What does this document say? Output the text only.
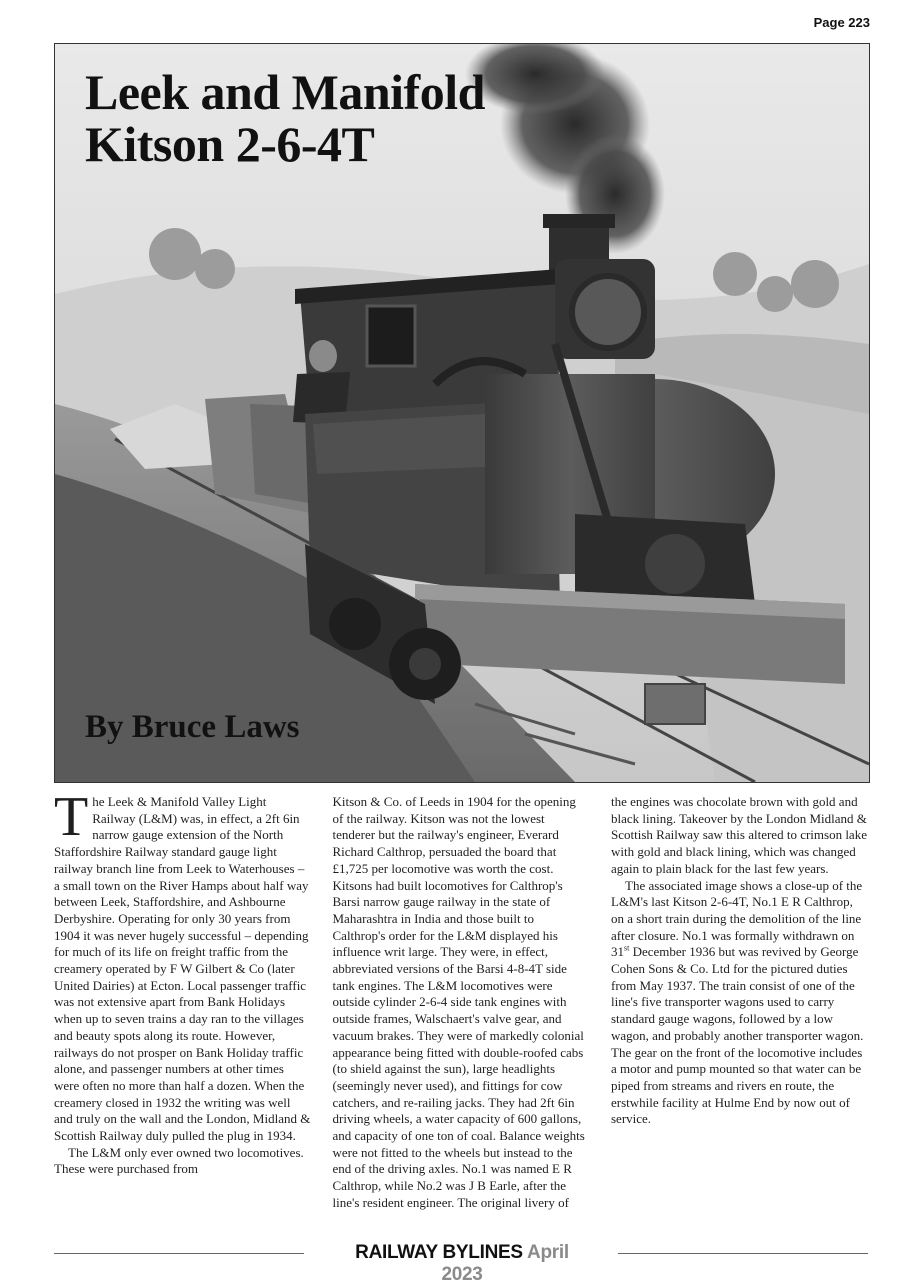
Page 223
Leek and Manifold
Kitson 2-6-4T
By Bruce Laws

The Leek & Manifold Valley Light Railway (L&M) was, in effect, a 2ft 6in narrow gauge extension of the North Staffordshire Railway standard gauge light railway branch line from Leek to Waterhouses – a small town on the River Hamps about half way between Leek, Staffordshire, and Ashbourne Derbyshire. Operating for only 30 years from 1904 it was never hugely successful – depending for much of its life on freight traffic from the creamery operated by F W Gilbert & Co (later United Dairies) at Ecton. Local passenger traffic was not extensive apart from Bank Holidays when up to seven trains a day ran to the villages and beauty spots along its route. However, railways do not prosper on Bank Holiday traffic alone, and passenger numbers at other times were often no more than half a dozen. When the creamery closed in 1932 the writing was well and truly on the wall and the London, Midland & Scottish Railway duly pulled the plug in 1934.

The L&M only ever owned two locomotives. These were purchased from

Kitson & Co. of Leeds in 1904 for the opening of the railway. Kitson was not the lowest tenderer but the railway's engineer, Everard Richard Calthrop, persuaded the board that £1,725 per locomotive was worth the cost. Kitsons had built locomotives for Calthrop's Barsi narrow gauge railway in the state of Maharashtra in India and those built to Calthrop's order for the L&M displayed his influence writ large. They were, in effect, abbreviated versions of the Barsi 4-8-4T side tank engines. The L&M locomotives were outside cylinder 2-6-4 side tank engines with outside frames, Walschaert's valve gear, and vacuum brakes. They were of markedly colonial appearance being fitted with double-roofed cabs (to shield against the sun), large headlights (seemingly never used), and fittings for cow catchers, and re-railing jacks. They had 2ft 6in driving wheels, a water capacity of 600 gallons, and capacity of one ton of coal. Balance weights were not fitted to the wheels but instead to the end of the driving axles. No.1 was named E R Calthrop, while No.2 was J B Earle, after the line's resident engineer. The original livery of

the engines was chocolate brown with gold and black lining. Takeover by the London Midland & Scottish Railway saw this altered to crimson lake with gold and black lining, which was changed again to plain black for the last few years.

The associated image shows a close-up of the L&M's last Kitson 2-6-4T, No.1 E R Calthrop, on a short train during the demolition of the line after closure. No.1 was formally withdrawn on 31st December 1936 but was revived by George Cohen Sons & Co. Ltd for the pictured duties from May 1937. The train consist of one of the line's five transporter wagons used to carry standard gauge wagons, followed by a low wagon, and probably another transporter wagon. The gear on the front of the locomotive includes a motor and pump mounted so that water can be piped from streams and rivers en route, the erstwhile facility at Hulme End by now out of service.

RAILWAY BYLINES April 2023
